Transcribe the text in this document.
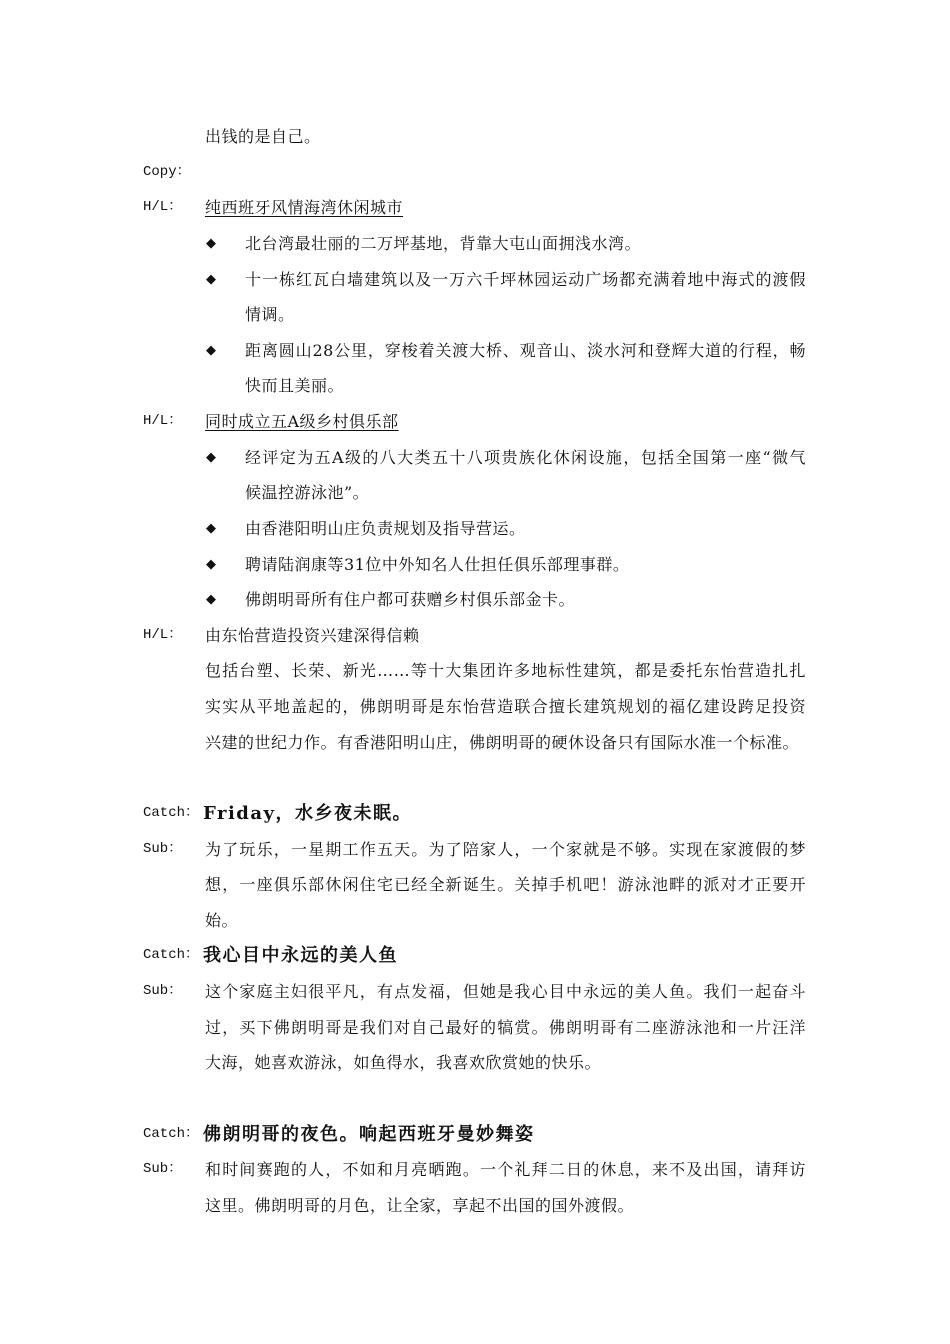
出钱的是自己。
Copy：
H/L： 纯西班牙风情海湾休闲城市
◆ 北台湾最壮丽的二万坪基地，背靠大屯山面拥浅水湾。
◆ 十一栋红瓦白墙建筑以及一万六千坪林园运动广场都充满着地中海式的渡假
情调。
◆ 距离圆山28公里，穿梭着关渡大桥、观音山、淡水河和登辉大道的行程，畅
快而且美丽。
H/L： 同时成立五A级乡村俱乐部
◆ 经评定为五A级的八大类五十八项贵族化休闲设施，包括全国第一座“微气
候温控游泳池”。
◆ 由香港阳明山庄负责规划及指导营运。
◆ 聘请陆润康等31位中外知名人仕担任俱乐部理事群。
◆ 佛朗明哥所有住户都可获赠乡村俱乐部金卡。
H/L： 由东怡营造投资兴建深得信赖
包括台塑、长荣、新光……等十大集团许多地标性建筑，都是委托东怡营造扎扎
实实从平地盖起的，佛朗明哥是东怡营造联合擅长建筑规划的福亿建设跨足投资
兴建的世纪力作。有香港阳明山庄，佛朗明哥的硬休设备只有国际水准一个标准。
Catch： Friday，水乡夜未眠。
Sub： 为了玩乐，一星期工作五天。为了陪家人，一个家就是不够。实现在家渡假的梦
想，一座俱乐部休闲住宅已经全新诞生。关掉手机吧！游泳池畔的派对才正要开
始。
Catch： 我心目中永远的美人鱼
Sub： 这个家庭主妇很平凡，有点发福，但她是我心目中永远的美人鱼。我们一起奋斗
过，买下佛朗明哥是我们对自己最好的犒赏。佛朗明哥有二座游泳池和一片汪洋
大海，她喜欢游泳，如鱼得水，我喜欢欣赏她的快乐。
Catch： 佛朗明哥的夜色。响起西班牙曼妙舞姿
Sub： 和时间赛跑的人，不如和月亮晒跑。一个礼拜二日的休息，来不及出国，请拜访
这里。佛朗明哥的月色，让全家，享起不出国的国外渡假。
